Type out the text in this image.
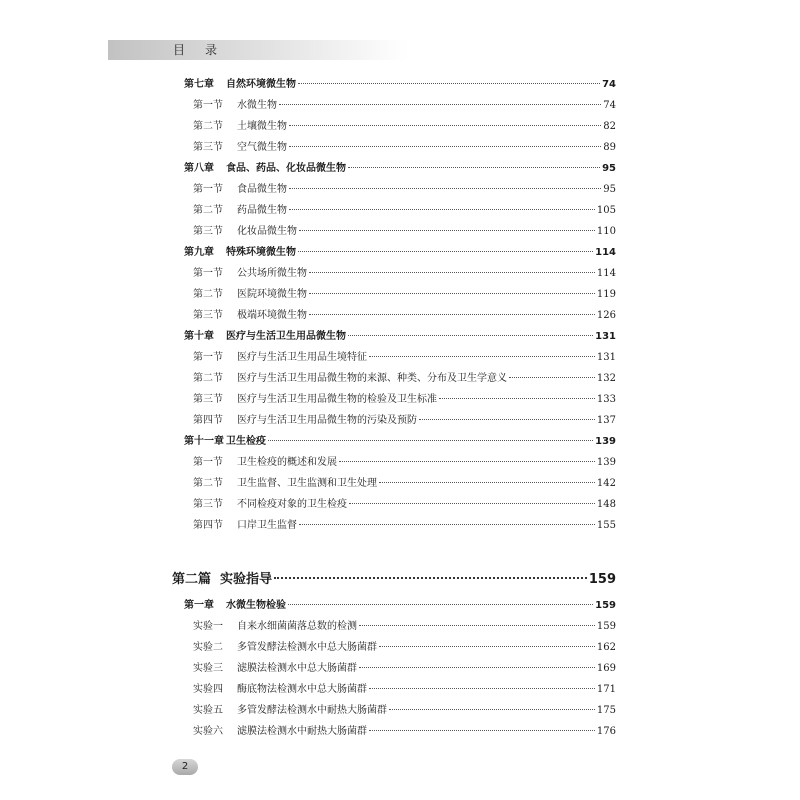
目录
第七章	自然环境微生物	74
第一节	水微生物	74
第二节	土壤微生物	82
第三节	空气微生物	89
第八章	食品、药品、化妆品微生物	95
第一节	食品微生物	95
第二节	药品微生物	105
第三节	化妆品微生物	110
第九章	特殊环境微生物	114
第一节	公共场所微生物	114
第二节	医院环境微生物	119
第三节	极端环境微生物	126
第十章	医疗与生活卫生用品微生物	131
第一节	医疗与生活卫生用品生境特征	131
第二节	医疗与生活卫生用品微生物的来源、种类、分布及卫生学意义	132
第三节	医疗与生活卫生用品微生物的检验及卫生标准	133
第四节	医疗与生活卫生用品微生物的污染及预防	137
第十一章 卫生检疫	139
第一节	卫生检疫的概述和发展	139
第二节	卫生监督、卫生监测和卫生处理	142
第三节	不同检疫对象的卫生检疫	148
第四节	口岸卫生监督	155
第二篇 实验指导	159
第一章	水微生物检验	159
实验一	自来水细菌菌落总数的检测	159
实验二	多管发酵法检测水中总大肠菌群	162
实验三	滤膜法检测水中总大肠菌群	169
实验四	酶底物法检测水中总大肠菌群	171
实验五	多管发酵法检测水中耐热大肠菌群	175
实验六	滤膜法检测水中耐热大肠菌群	176
2
